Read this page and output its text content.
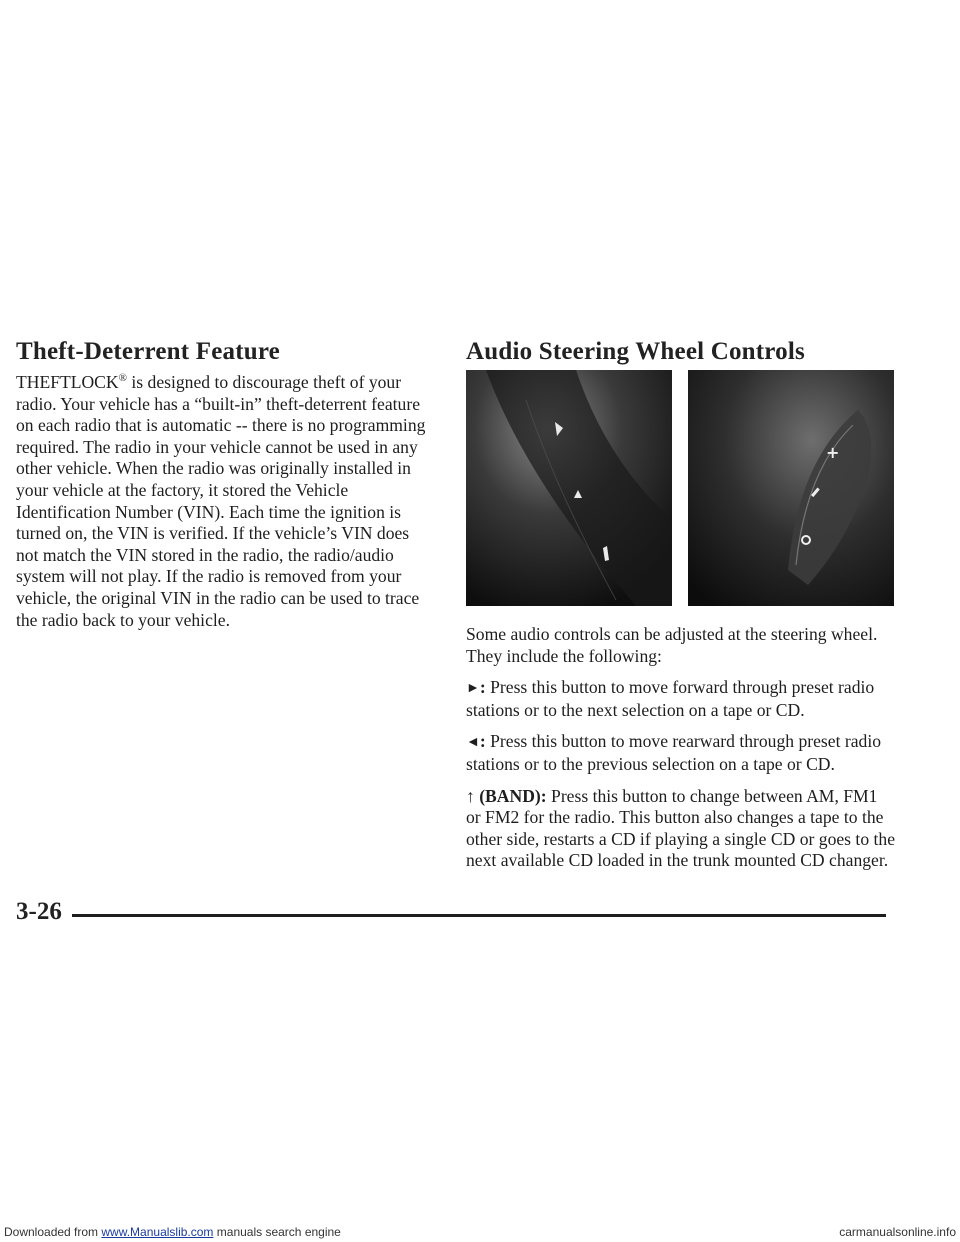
Theft-Deterrent Feature

THEFTLOCK® is designed to discourage theft of your radio. Your vehicle has a “built-in” theft-deterrent feature on each radio that is automatic -- there is no programming required. The radio in your vehicle cannot be used in any other vehicle. When the radio was originally installed in your vehicle at the factory, it stored the Vehicle Identification Number (VIN). Each time the ignition is turned on, the VIN is verified. If the vehicle’s VIN does not match the VIN stored in the radio, the radio/audio system will not play. If the radio is removed from your vehicle, the original VIN in the radio can be used to trace the radio back to your vehicle.

Audio Steering Wheel Controls
+

Some audio controls can be adjusted at the steering wheel. They include the following:

►: Press this button to move forward through preset radio stations or to the next selection on a tape or CD.

◄: Press this button to move rearward through preset radio stations or to the previous selection on a tape or CD.

↑ (BAND): Press this button to change between AM, FM1 or FM2 for the radio. This button also changes a tape to the other side, restarts a CD if playing a single CD or goes to the next available CD loaded in the trunk mounted CD changer.

3-26

Downloaded from www.Manualslib.com manuals search engine	carmanualsonline.info
